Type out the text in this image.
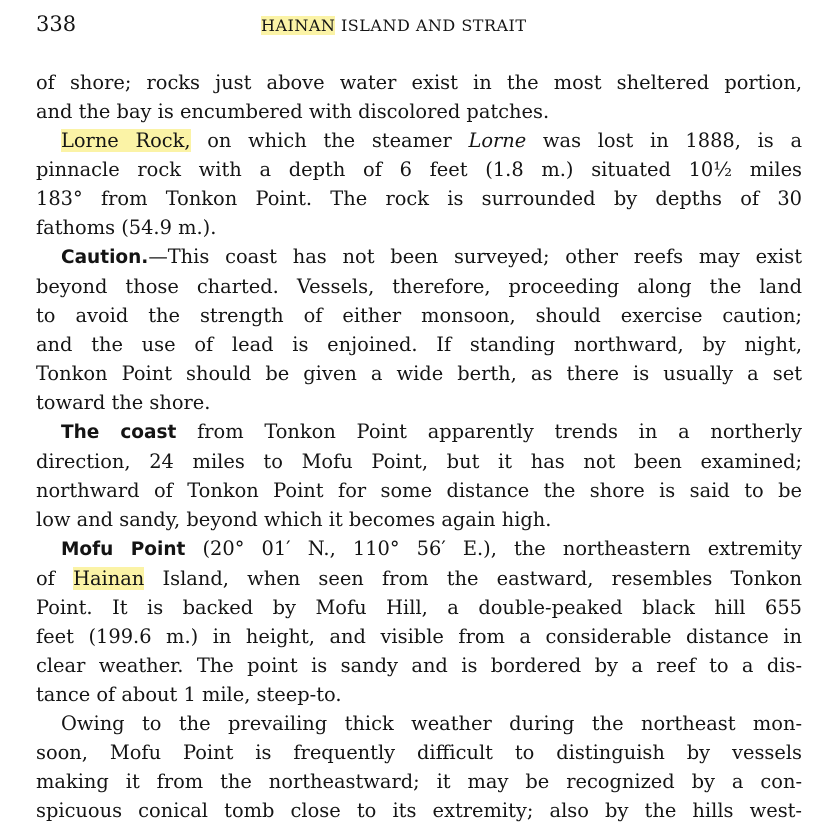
338	HAINAN ISLAND AND STRAIT

of shore; rocks just above water exist in the most sheltered portion,
and the bay is encumbered with discolored patches.

Lorne Rock, on which the steamer Lorne was lost in 1888, is a
pinnacle rock with a depth of 6 feet (1.8 m.) situated 10½ miles
183° from Tonkon Point. The rock is surrounded by depths of 30
fathoms (54.9 m.).

Caution.—This coast has not been surveyed; other reefs may exist
beyond those charted. Vessels, therefore, proceeding along the land
to avoid the strength of either monsoon, should exercise caution;
and the use of lead is enjoined. If standing northward, by night,
Tonkon Point should be given a wide berth, as there is usually a set
toward the shore.

The coast from Tonkon Point apparently trends in a northerly
direction, 24 miles to Mofu Point, but it has not been examined;
northward of Tonkon Point for some distance the shore is said to be
low and sandy, beyond which it becomes again high.

Mofu Point (20° 01′ N., 110° 56′ E.), the northeastern extremity
of Hainan Island, when seen from the eastward, resembles Tonkon
Point. It is backed by Mofu Hill, a double-peaked black hill 655
feet (199.6 m.) in height, and visible from a considerable distance in
clear weather. The point is sandy and is bordered by a reef to a dis-
tance of about 1 mile, steep-to.

Owing to the prevailing thick weather during the northeast mon-
soon, Mofu Point is frequently difficult to distinguish by vessels
making it from the northeastward; it may be recognized by a con-
spicuous conical tomb close to its extremity; also by the hills west-
